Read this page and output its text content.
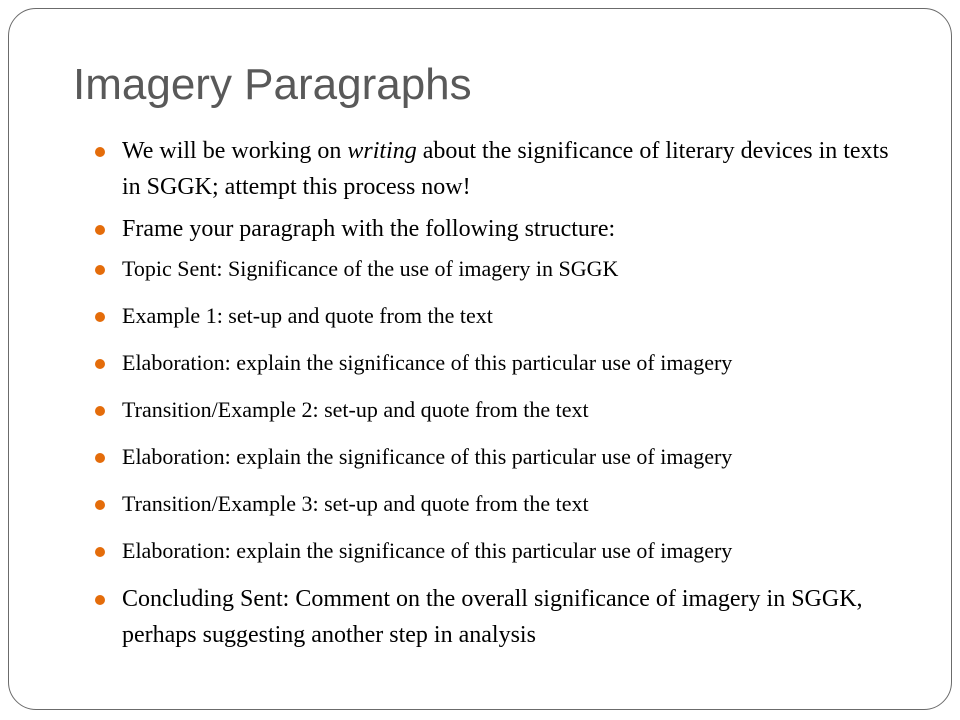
Imagery Paragraphs
We will be working on writing about the significance of literary devices in texts in SGGK; attempt this process now!
Frame your paragraph with the following structure:
Topic Sent: Significance of the use of imagery in SGGK
Example 1: set-up and quote from the text
Elaboration: explain the significance of this particular use of imagery
Transition/Example 2: set-up and quote from the text
Elaboration: explain the significance of this particular use of imagery
Transition/Example 3: set-up and quote from the text
Elaboration: explain the significance of this particular use of imagery
Concluding Sent: Comment on the overall significance of imagery in SGGK, perhaps suggesting another step in analysis
